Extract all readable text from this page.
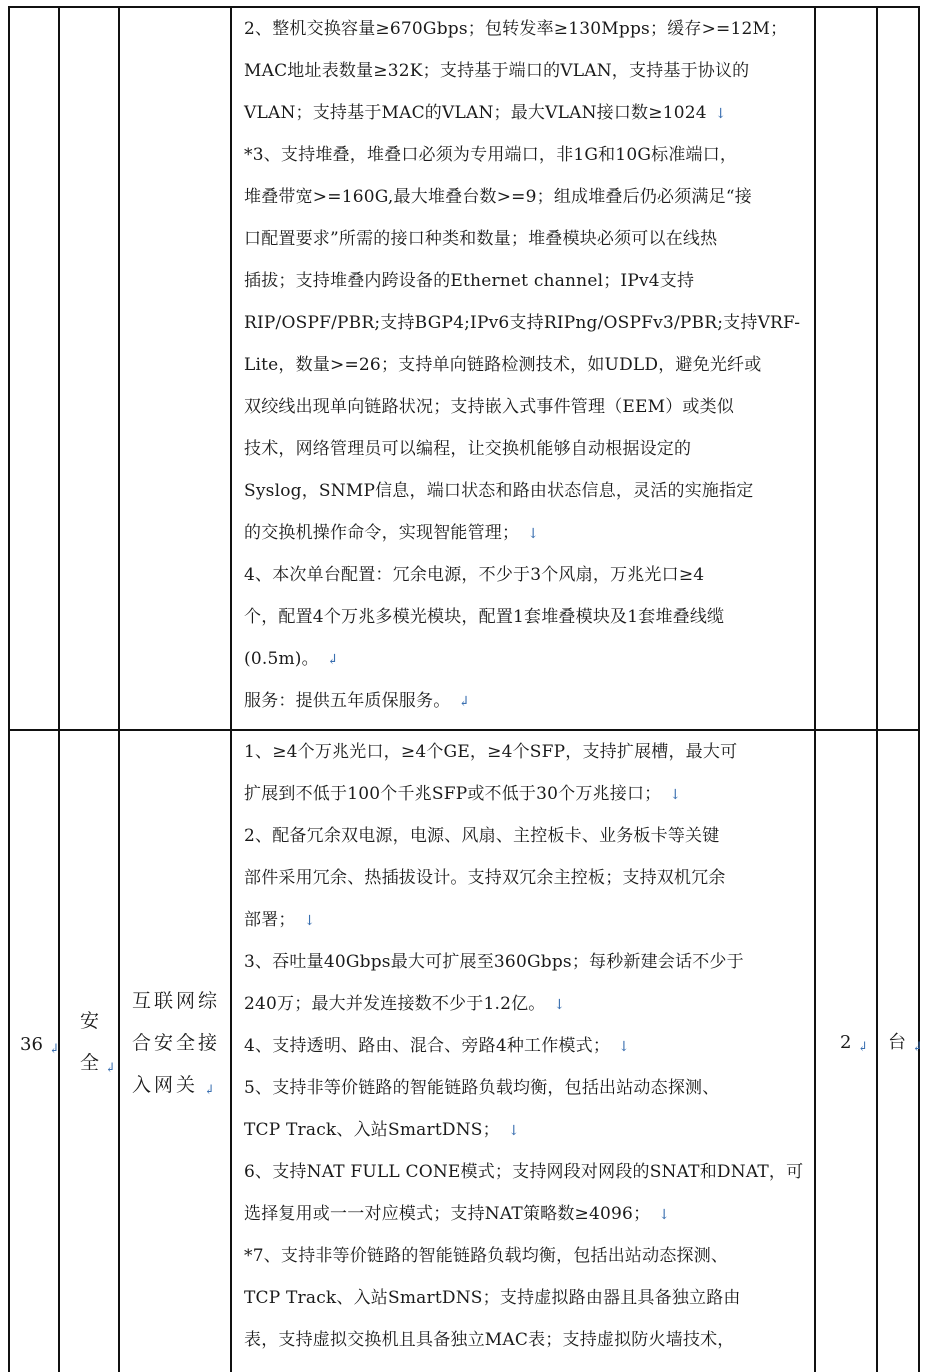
2、整机交换容量≥670Gbps；包转发率≥130Mpps；缓存>=12M；
MAC地址表数量≥32K；支持基于端口的VLAN，支持基于协议的
VLAN；支持基于MAC的VLAN；最大VLAN接口数≥1024 ↓
*3、支持堆叠，堆叠口必须为专用端口，非1G和10G标准端口，
堆叠带宽>=160G,最大堆叠台数>=9；组成堆叠后仍必须满足“接
口配置要求”所需的接口种类和数量；堆叠模块必须可以在线热
插拔；支持堆叠内跨设备的Ethernet channel；IPv4支持
RIP/OSPF/PBR;支持BGP4;IPv6支持RIPng/OSPFv3/PBR;支持VRF-
Lite，数量>=26；支持单向链路检测技术，如UDLD，避免光纤或
双绞线出现单向链路状况；支持嵌入式事件管理（EEM）或类似
技术，网络管理员可以编程，让交换机能够自动根据设定的
Syslog，SNMP信息，端口状态和路由状态信息，灵活的实施指定
的交换机操作命令，实现智能管理； ↓
4、本次单台配置：冗余电源，不少于3个风扇，万兆光口≥4
个，配置4个万兆多模光模块，配置1套堆叠模块及1套堆叠线缆
(0.5m)。 ↲
服务：提供五年质保服务。 ↲
36 ↲
安
全 ↲
互联网综
合安全接
入网关 ↲
1、≥4个万兆光口，≥4个GE，≥4个SFP，支持扩展槽，最大可
扩展到不低于100个千兆SFP或不低于30个万兆接口； ↓
2、配备冗余双电源，电源、风扇、主控板卡、业务板卡等关键
部件采用冗余、热插拔设计。支持双冗余主控板；支持双机冗余
部署； ↓
3、吞吐量40Gbps最大可扩展至360Gbps；每秒新建会话不少于
240万；最大并发连接数不少于1.2亿。 ↓
4、支持透明、路由、混合、旁路4种工作模式； ↓
5、支持非等价链路的智能链路负载均衡，包括出站动态探测、
TCP Track、入站SmartDNS； ↓
6、支持NAT FULL CONE模式；支持网段对网段的SNAT和DNAT，可
选择复用或一一对应模式；支持NAT策略数≥4096； ↓
*7、支持非等价链路的智能链路负载均衡，包括出站动态探测、
TCP Track、入站SmartDNS；支持虚拟路由器且具备独立路由
表，支持虚拟交换机且具备独立MAC表；支持虚拟防火墙技术，
2 ↲ 台 ↲
